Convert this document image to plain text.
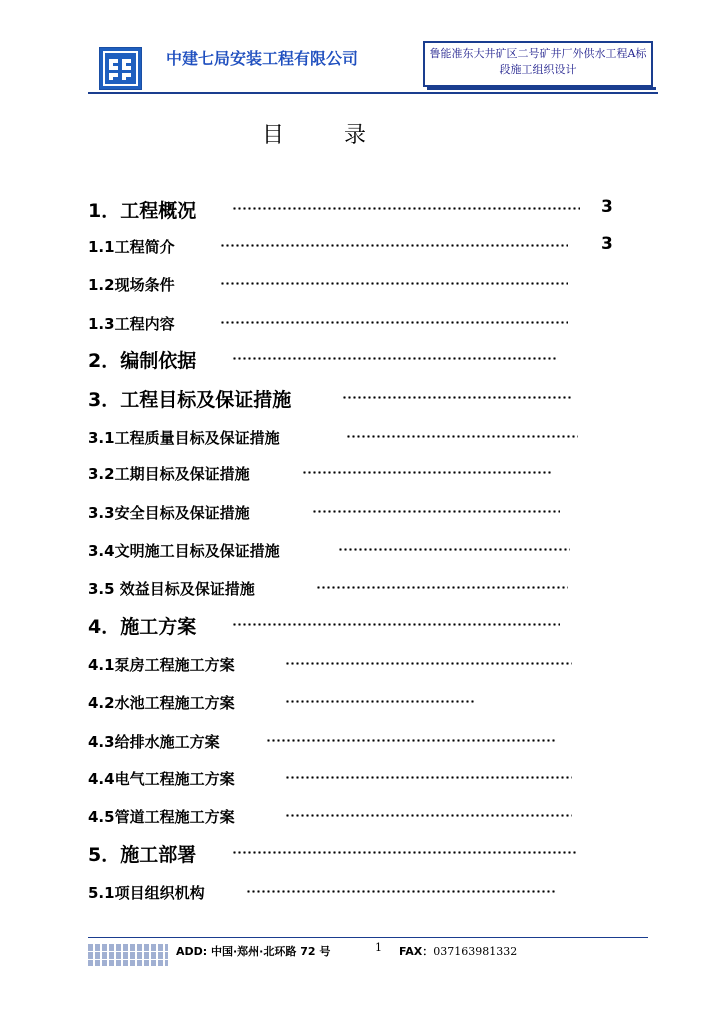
中建七局安装工程有限公司	鲁能准东大井矿区二号矿井厂外供水工程A标段施工组织设计
目录
1．工程概况	3
1.1工程简介	3
1.2现场条件
1.3工程内容
2．编制依据
3．工程目标及保证措施
3.1工程质量目标及保证措施
3.2工期目标及保证措施
3.3安全目标及保证措施
3.4文明施工目标及保证措施
3.5 效益目标及保证措施
4．施工方案
4.1泵房工程施工方案
4.2水池工程施工方案
4.3给排水施工方案
4.4电气工程施工方案
4.5管道工程施工方案
5．施工部署
5.1项目组织机构
ADD: 中国·郑州·北环路 72 号	1 FAX：037163981332
